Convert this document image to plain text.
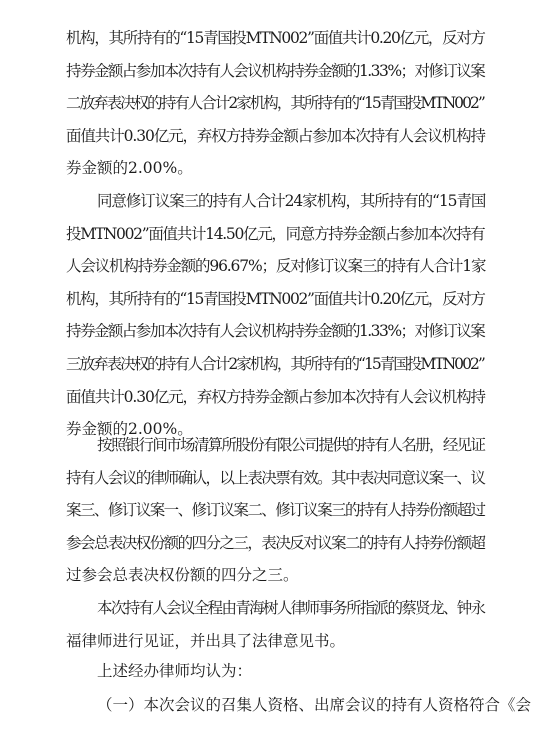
机构，其所持有的“15青国投MTN002”面值共计0.20亿元，反对方
持券金额占参加本次持有人会议机构持券金额的1.33%；对修订议案
二放弃表决权的持有人合计2家机构，其所持有的“15青国投MTN002”
面值共计0.30亿元，弃权方持券金额占参加本次持有人会议机构持
券金额的2.00%。
同意修订议案三的持有人合计24家机构，其所持有的“15青国
投MTN002”面值共计14.50亿元，同意方持券金额占参加本次持有
人会议机构持券金额的96.67%；反对修订议案三的持有人合计1家
机构，其所持有的“15青国投MTN002”面值共计0.20亿元，反对方
持券金额占参加本次持有人会议机构持券金额的1.33%；对修订议案
三放弃表决权的持有人合计2家机构，其所持有的“15青国投MTN002”
面值共计0.30亿元，弃权方持券金额占参加本次持有人会议机构持
券金额的2.00%。
按照银行间市场清算所股份有限公司提供的持有人名册，经见证
持有人会议的律师确认，以上表决票有效。其中表决同意议案一、议
案三、修订议案一、修订议案二、修订议案三的持有人持券份额超过
参会总表决权份额的四分之三，表决反对议案二的持有人持券份额超
过参会总表决权份额的四分之三。
本次持有人会议全程由青海树人律师事务所指派的蔡贤龙、钟永
福律师进行见证，并出具了法律意见书。
上述经办律师均认为：
（一）本次会议的召集人资格、出席会议的持有人资格符合《会
